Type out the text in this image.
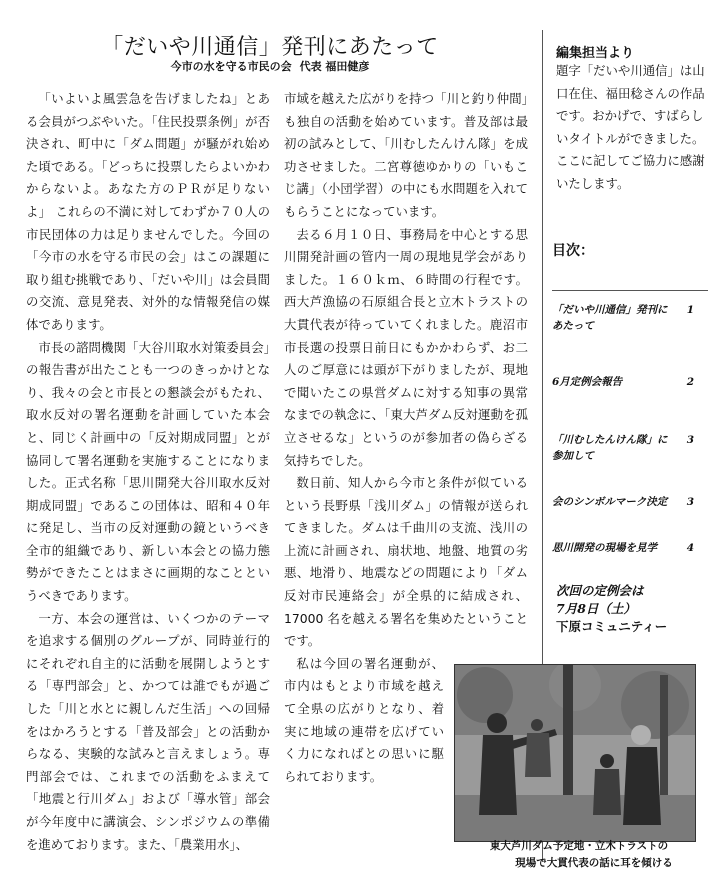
「だいや川通信」発刊にあたって
今市の水を守る市民の会 代表 福田健彦

「いよいよ風雲急を告げましたね」とある会員がつぶやいた。「住民投票条例」が否決され、町中に「ダム問題」が騒がれ始めた頃である。「どっちに投票したらよいかわからないよ。あなた方のＰＲが足りないよ」 これらの不満に対してわずか７０人の市民団体の力は足りませんでした。今回の「今市の水を守る市民の会」はこの課題に取り組む挑戦であり、「だいや川」は会員間の交流、意見発表、対外的な情報発信の媒体であります。

市長の諮問機関「大谷川取水対策委員会」の報告書が出たことも一つのきっかけとなり、我々の会と市長との懇談会がもたれ、取水反対の署名運動を計画していた本会と、同じく計画中の「反対期成同盟」とが協同して署名運動を実施することになりました。正式名称「思川開発大谷川取水反対期成同盟」であるこの団体は、昭和４０年に発足し、当市の反対運動の鏡というべき全市的組織であり、新しい本会との協力態勢ができたことはまさに画期的なことというべきであります。

一方、本会の運営は、いくつかのテーマを追求する個別のグループが、同時並行的にそれぞれ自主的に活動を展開しようとする「専門部会」と、かつては誰でもが過ごした「川と水とに親しんだ生活」への回帰をはかろうとする「普及部会」との活動からなる、実験的な試みと言えましょう。専門部会では、これまでの活動をふまえて「地震と行川ダム」および「導水管」部会が今年度中に講演会、シンポジウムの準備を進めております。また、「農業用水」、

市域を越えた広がりを持つ「川と釣り仲間」も独自の活動を始めています。普及部は最初の試みとして、「川むしたんけん隊」を成功させました。二宮尊徳ゆかりの「いもこじ講」（小団学習）の中にも水問題を入れてもらうことになっています。

去る６月１０日、事務局を中心とする思川開発計画の管内一周の現地見学会がありました。１６０ｋｍ、６時間の行程です。西大芦漁協の石原組合長と立木トラストの大貫代表が待っていてくれました。鹿沼市市長選の投票日前日にもかかわらず、お二人のご厚意には頭が下がりましたが、現地で聞いたこの県営ダムに対する知事の異常なまでの執念に、「東大芦ダム反対運動を孤立させるな」というのが参加者の偽らざる気持ちでした。

数日前、知人から今市と条件が似ているという長野県「浅川ダム」の情報が送られてきました。ダムは千曲川の支流、浅川の上流に計画され、扇状地、地盤、地質の劣悪、地滑り、地震などの問題により「ダム反対市民連絡会」が全県的に結成され、17000 名を越える署名を集めたということです。

私は今回の署名運動が、市内はもとより市域を越えて全県の広がりとなり、着実に地域の連帯を広げていく力になればとの思いに駆られております。

編集担当より
題字「だいや川通信」は山口在住、福田稔さんの作品です。おかげで、すばらしいタイトルができました。ここに記してご協力に感謝いたします。
目次：
「だいや川通信」発刊にあたって1
6月定例会報告	2
「川むしたんけん隊」に参加して3
会のシンボルマーク決定 3
思川開発の現場を見学	4
次回の定例会は
7月8日（土）
下原コミュニティー
東大芦川ダム予定地・立木トラストの
現場で大貫代表の話に耳を傾ける
